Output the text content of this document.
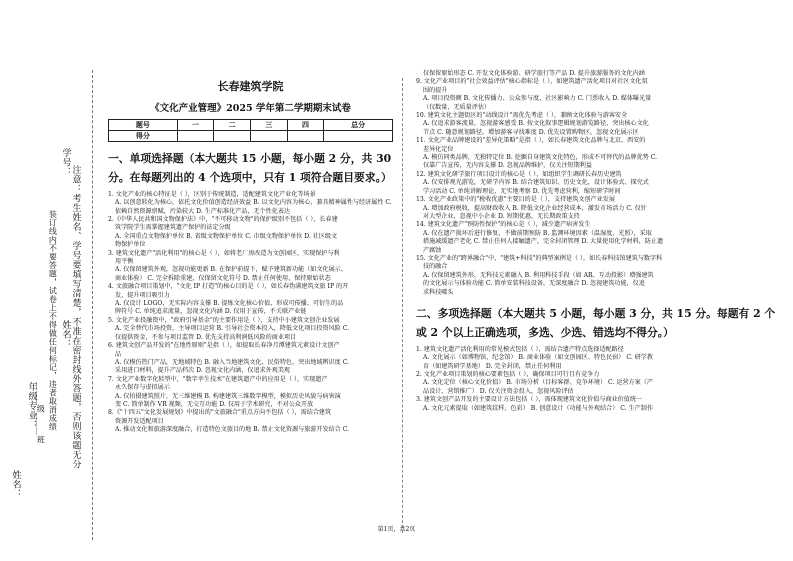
学号：
姓名： 注意：考生姓名、学号要填写清楚，不准在密封线外答题，否则该题无分
装订线内不要答题，试卷上不得做任何标记，违者取消成绩
年级专业： _____级_____班
姓名：
长春建筑学院
《文化产业管理》2025 学年第二学期期末试卷
题号	一	二	三	四	总分
得分					
一、单项选择题（本大题共 15 小题，每小题 2 分，共 30 分。在每题列出的 4 个选项中，只有 1 项符合题目要求。）
1. 文化产业的核心特征是（ ），区别于传统制造，适配建筑文化产业化等场景
A. 以创意转化为核心，依托文化价值创造经济效益 B. 以文化内容为核心，兼具精神属性与经济属性 C.
依赖自然资源禀赋，污染较大 D. 生产标准化产品，无个性化表达
2.《中华人民共和国文物保护法》中，"不可移动文物"的保护级别不包括（ ），长春建
筑学院学生需掌握建筑遗产保护的法定分级
A. 全国重点文物保护单位 B. 省级文物保护单位 C. 市级文物保护单位 D. 社区级文
物保护单位
3. 建筑文化遗产"活化利用"的核心是（ ），如将老厂房改造为文创园区，实现保护与利
用平衡
A. 仅保留建筑外观，忽视功能更新 B. 在保护前提下，赋予建筑新功能（如文化展示、
商业体验） C. 完全拆除重建，仅保留文化符号 D. 禁止任何使用，保持原始状态
4. 文旅融合项目策划中，"文化 IP 打造"的核心目的是（ ），如长春伪满建筑文旅 IP 的开
发，提升项目吸引力
A. 仅设计 LOGO，无实际内容支撑 B. 提炼文化核心价值，形成可传播、可衍生的品
牌符号 C. 单纯追求流量，忽视文化内涵 D. 仅用于宣传，不关联产业链
5. 文化产业投融资中，"政府引导基金"的主要作用是（ ），支持中小建筑文创企业发展
A. 完全替代市场投资，主导项目运营 B. 引导社会资本投入，降低文化项目投资风险 C.
仅提供资金，不参与项目监管 D. 优先支持高利润低风险的商业项目
6. 建筑文创产品开发的"在地性原则"是指（ ），如提取长春净月潭建筑元素设计文创产
品
A. 仅模仿热门产品，无地域特色 B. 融入当地建筑文化、民俗特色，突出地域辨识度 C.
采用进口材料，提升产品档次 D. 忽视文化内涵，仅追求外观美观
7. 文化产业数字化转型中，"数字孪生技术"在建筑遗产中的应用是（ ），实现遗产
永久保存与虚拟展示
A. 仅拍摄建筑照片，无三维建模 B. 构建建筑三维数字模型，模拟历史风貌与病害演
变 C. 简单制作 VR 视频，无交互功能 D. 仅用于学术研究，不对公众开放
8.《"十四五"文化发展规划》中提出的"文旅融合"重点方向不包括（ ），需结合建筑
资源开发适配项目
A. 推动文化和旅游深度融合，打造特色文旅目的地 B. 禁止文化资源与旅游开发结合 C.
仅保留原始形态 C. 开发文化体验游、研学旅行等产品 D. 提升旅游服务的文化内涵
9. 文化产业项目的"社会效益评估"核心指标是（ ），如建筑遗产活化项目对社区文化氛
围的提升
A. 项目投资额 B. 文化传播力、公众参与度、社区影响力 C. 门票收入 D. 媒体曝光量
（仅数量，无质量评估）
10. 建筑文化主题街区的"动线设计"需优先考虑（ ），兼顾文化体验与游客安全
A. 仅追求游客流量，忽视游客感受 B. 按文化叙事逻辑规划游览路径，突出核心文化
节点 C. 随意规划路径，增加游客寻找难度 D. 优先设置购物区，忽视文化展示区
11. 文化产业品牌建设的"差异化策略"是指（ ），如长春建筑文化品牌与北京、西安的
差异化定位
A. 模仿同类品牌，无独特定位 B. 挖掘自身建筑文化特色，形成不可替代的品牌优势 C.
仅靠广告宣传，无内容支撑 D. 忽视品牌维护，仅关注短期利益
12. 建筑文化研学旅行项目设计的核心是（ ），如组织学生调研长春历史建筑
A. 仅安排观光游览，无研学内容 B. 结合建筑知识、历史文化，设计体验式、探究式
学习活动 C. 单纯讲解理论，无实地考察 D. 优先考虑营利，缩短研学时间
13. 文化产业政策中的"税收优惠"主要目的是（ ），支持建筑文创产业发展
A. 增加政府税收，提高财政收入 B. 降低文化企业经营成本，激发市场活力 C. 仅针
对大型企业，忽视中小企业 D. 短期优惠，无长期政策支持
14. 建筑文化遗产"预防性保护"的核心是（ ），减少遗产病害发生
A. 仅在遗产损坏后进行修复，不做前期预防 B. 监测环境因素（温湿度、光照），采取
措施减缓遗产老化 C. 禁止任何人接触遗产，完全封闭管理 D. 大量使用化学材料，防止遗
产腐蚀
15. 文化产业的"跨界融合"中，"建筑+科技"的典型案例是（ ），如长春科技馆建筑与数字科
技的融合
A. 仅保留建筑外形，无科技元素融入 B. 利用科技手段（如 AR、互动投影）增强建筑
的文化展示与体验功能 C. 简单安装科技设备，无深度融合 D. 忽视建筑功能，仅追
求科技噱头
二、多项选择题（本大题共 5 小题，每小题 3 分，共 15 分。每题有 2 个或 2 个以上正确选项，多选、少选、错选均不得分。）
1. 建筑文化遗产活化利用的常见模式包括（ ），需结合遗产特点选择适配路径
A. 文化展示（如博物馆、纪念馆） B. 商业体验（如文创园区、特色民宿） C. 研学教
育（如建筑研学基地） D. 完全封闭，禁止任何利用
2. 文化产业项目策划的核心要素包括（ ），确保项目可行且有竞争力
A. 文化定位（核心文化价值） B. 市场分析（目标客群、竞争环境） C. 运营方案（产
品设计、营销推广） D. 仅关注资金投入，忽视风险评估
3. 建筑文创产品开发的主要设计方法包括（ ），需体现建筑文化价值与商业价值统一
A. 文化元素提取（如建筑纹样、色彩） B. 创意设计（功能与外观结合） C. 生产制作
第1页，共2页
